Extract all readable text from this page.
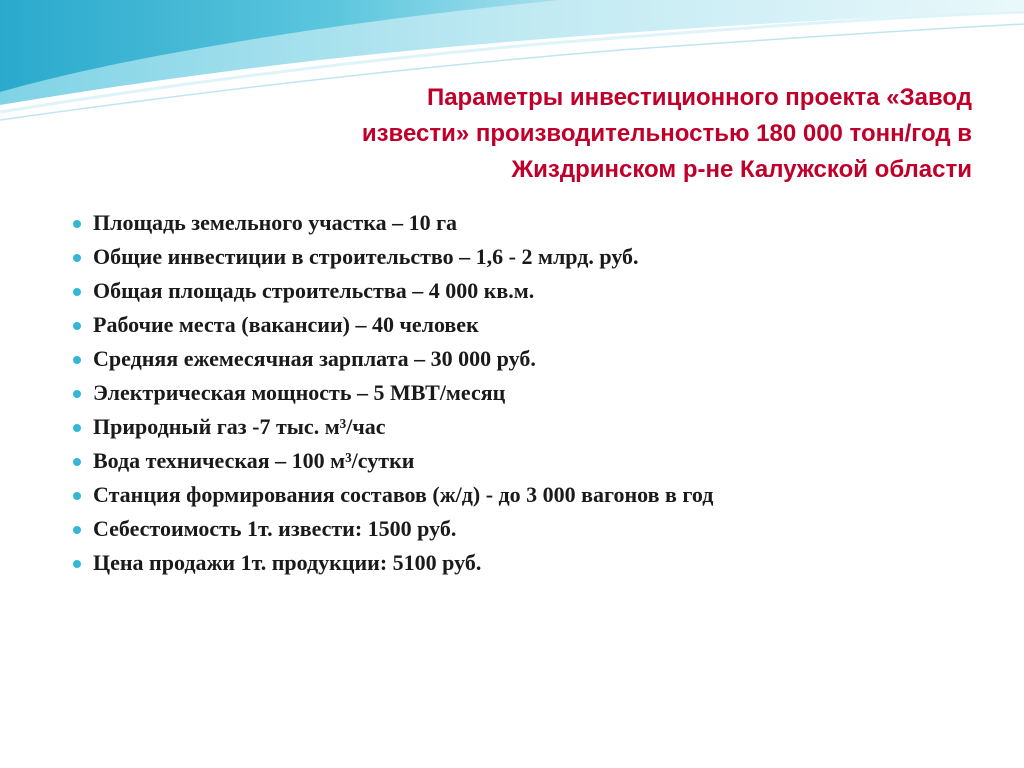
Параметры инвестиционного проекта «Завод
извести» производительностью 180 000 тонн/год в
Жиздринском р-не Калужской области
Площадь земельного участка – 10 га
Общие инвестиции в строительство – 1,6 - 2 млрд. руб.
Общая площадь строительства – 4 000 кв.м.
Рабочие места (вакансии) – 40 человек
Средняя ежемесячная зарплата – 30 000 руб.
Электрическая мощность – 5 МВТ/месяц
Природный газ -7 тыс. м³/час
Вода техническая – 100 м³/сутки
Станция формирования составов (ж/д) - до 3 000 вагонов в год
Себестоимость 1т. извести: 1500 руб.
Цена продажи 1т. продукции: 5100 руб.
